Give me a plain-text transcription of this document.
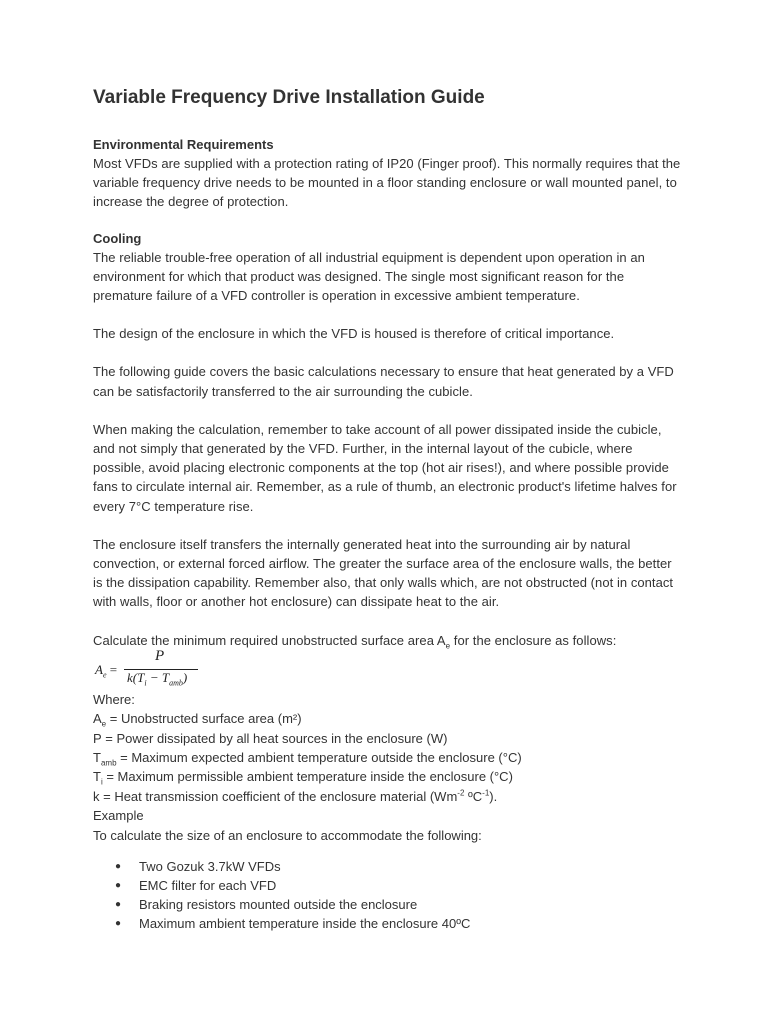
Variable Frequency Drive Installation Guide
Environmental Requirements

Most VFDs are supplied with a protection rating of IP20 (Finger proof). This normally requires that the variable frequency drive needs to be mounted in a floor standing enclosure or wall mounted panel, to increase the degree of protection.

Cooling

The reliable trouble-free operation of all industrial equipment is dependent upon operation in an environment for which that product was designed. The single most significant reason for the premature failure of a VFD controller is operation in excessive ambient temperature.

The design of the enclosure in which the VFD is housed is therefore of critical importance.

The following guide covers the basic calculations necessary to ensure that heat generated by a VFD can be satisfactorily transferred to the air surrounding the cubicle.

When making the calculation, remember to take account of all power dissipated inside the cubicle, and not simply that generated by the VFD. Further, in the internal layout of the cubicle, where possible, avoid placing electronic components at the top (hot air rises!), and where possible provide fans to circulate internal air. Remember, as a rule of thumb, an electronic product's lifetime halves for every 7°C temperature rise.

The enclosure itself transfers the internally generated heat into the surrounding air by natural convection, or external forced airflow. The greater the surface area of the enclosure walls, the better is the dissipation capability. Remember also, that only walls which, are not obstructed (not in contact with walls, floor or another hot enclosure) can dissipate heat to the air.

Calculate the minimum required unobstructed surface area $A_e$ for the enclosure as follows:

$A_e$ =
P
$k(T_i - T_{amb})$
Where:
$A_e$ = Unobstructed surface area (m²)
P = Power dissipated by all heat sources in the enclosure (W)
$T_{amb}$ = Maximum expected ambient temperature outside the enclosure (°C)
$T_i$ = Maximum permissible ambient temperature inside the enclosure (°C)
k = Heat transmission coefficient of the enclosure material ($Wm^{-2}$ ºC$^{-1}$).
Example
To calculate the size of an enclosure to accommodate the following:
● Two Gozuk 3.7kW VFDs
● EMC filter for each VFD
● Braking resistors mounted outside the enclosure
● Maximum ambient temperature inside the enclosure 40ºC
